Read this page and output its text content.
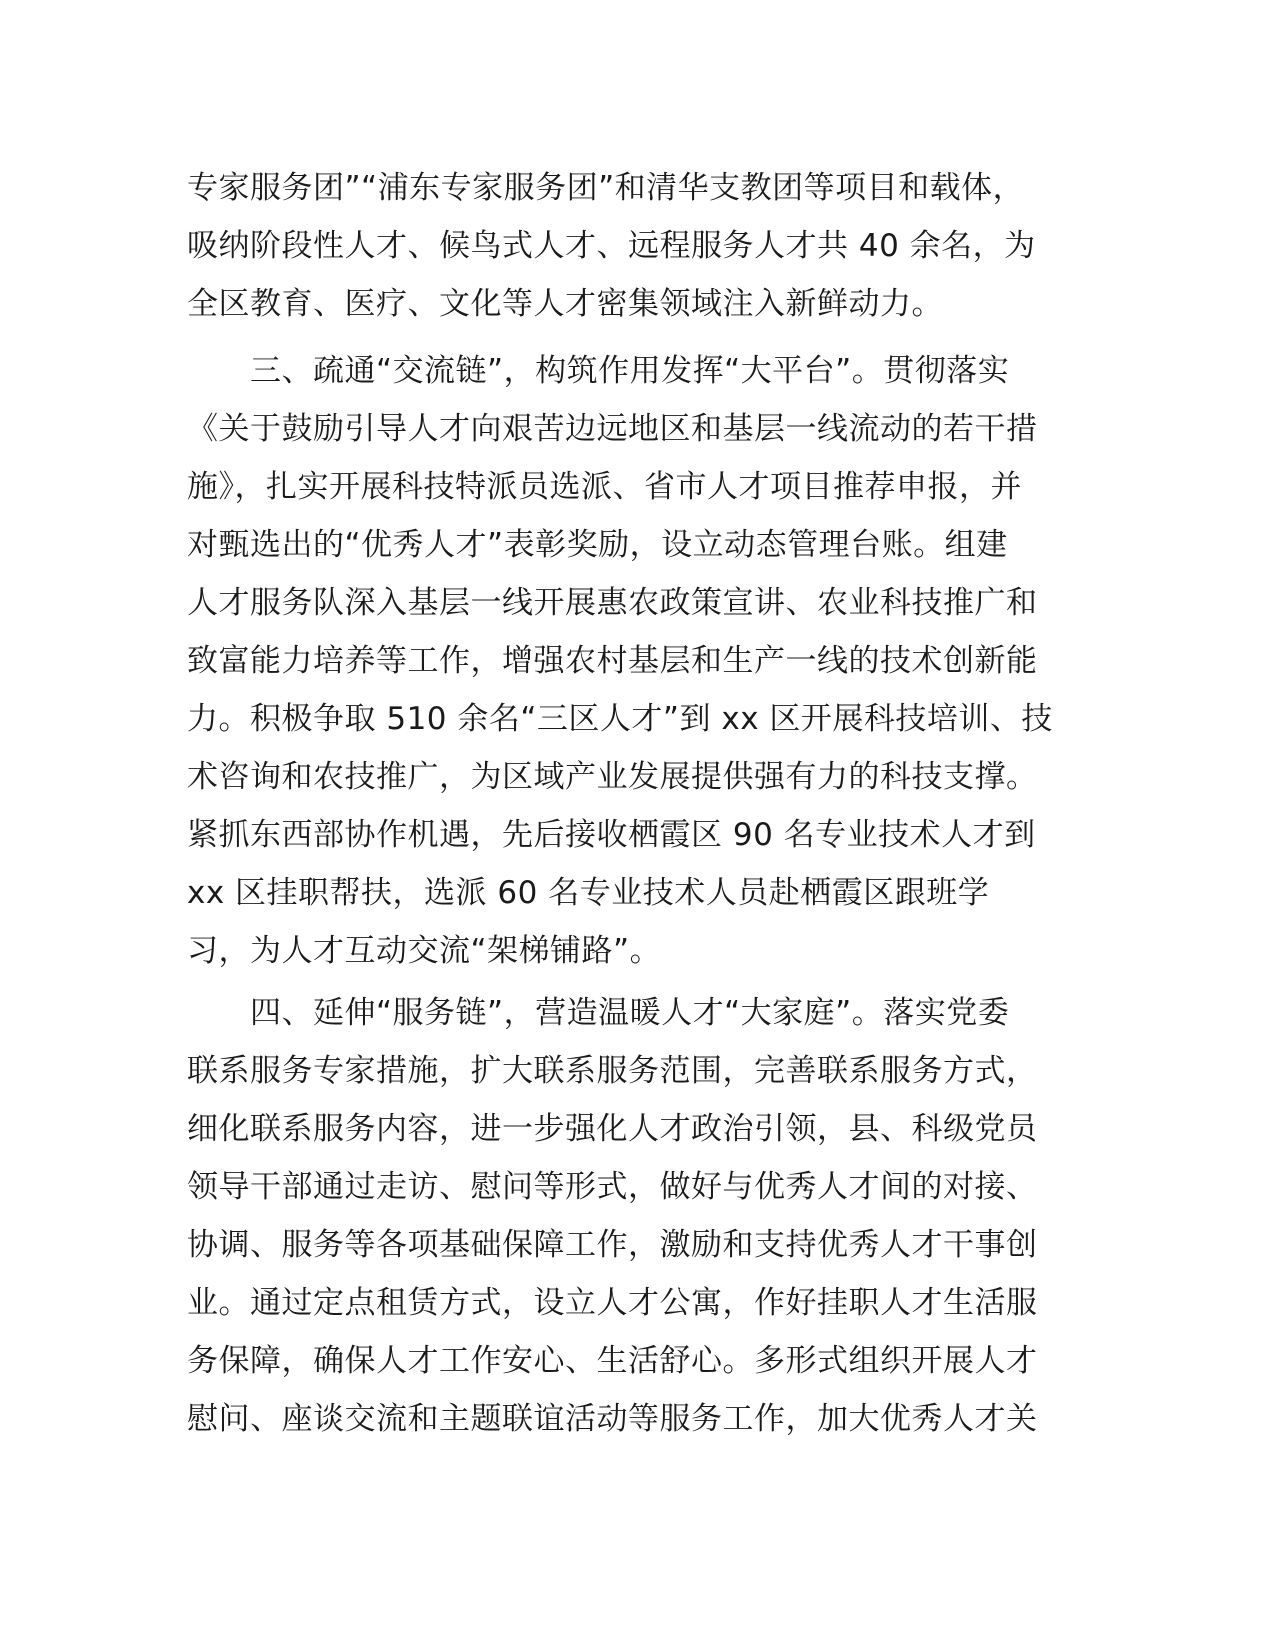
专家服务团”“浦东专家服务团”和清华支教团等项目和载体，
吸纳阶段性人才、候鸟式人才、远程服务人才共 40 余名，为
全区教育、医疗、文化等人才密集领域注入新鲜动力。
　　三、疏通“交流链”，构筑作用发挥“大平台”。贯彻落实
《关于鼓励引导人才向艰苦边远地区和基层一线流动的若干措
施》，扎实开展科技特派员选派、省市人才项目推荐申报，并
对甄选出的“优秀人才”表彰奖励，设立动态管理台账。组建
人才服务队深入基层一线开展惠农政策宣讲、农业科技推广和
致富能力培养等工作，增强农村基层和生产一线的技术创新能
力。积极争取 510 余名“三区人才”到 xx 区开展科技培训、技
术咨询和农技推广，为区域产业发展提供强有力的科技支撑。
紧抓东西部协作机遇，先后接收栖霞区 90 名专业技术人才到
xx 区挂职帮扶，选派 60 名专业技术人员赴栖霞区跟班学
习，为人才互动交流“架梯铺路”。
　　四、延伸“服务链”，营造温暖人才“大家庭”。落实党委
联系服务专家措施，扩大联系服务范围，完善联系服务方式，
细化联系服务内容，进一步强化人才政治引领，县、科级党员
领导干部通过走访、慰问等形式，做好与优秀人才间的对接、
协调、服务等各项基础保障工作，激励和支持优秀人才干事创
业。通过定点租赁方式，设立人才公寓，作好挂职人才生活服
务保障，确保人才工作安心、生活舒心。多形式组织开展人才
慰问、座谈交流和主题联谊活动等服务工作，加大优秀人才关
